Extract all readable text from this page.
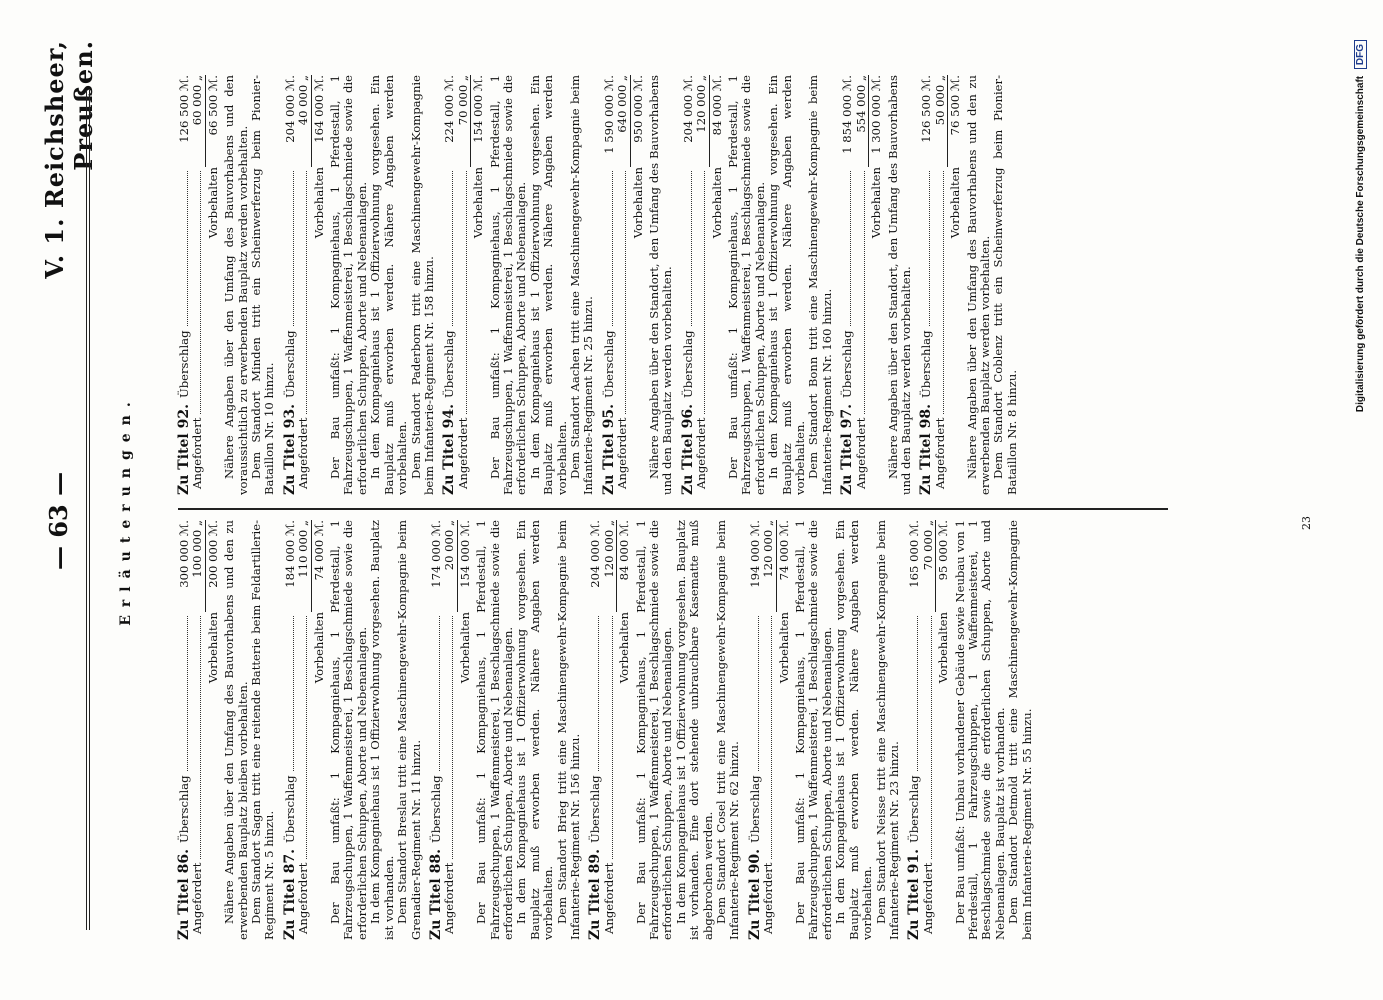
— 63 —
V. 1. Reichsheer, Preußen.
Erläuterungen.
Zu Titel 86.
Überschlag
300 000 ℳ.
Angefordert
100 000 „
Vorbehalten
200 000 ℳ. Nähere Angaben über den Umfang des Bauvorhabens und den zu erwerbenden Bauplatz bleiben vorbehalten. Dem Standort Sagan tritt eine reitende Batterie beim Feldartillerie-Regiment Nr. 5 hinzu. Zu Titel 87.
Überschlag
184 000 ℳ.
Angefordert
110 000 „
Vorbehalten
74 000 ℳ. Der Bau umfaßt: 1 Kompagniehaus, 1 Pferdestall, 1 Fahrzeugschuppen, 1 Waffenmeisterei, 1 Beschlagschmiede sowie die erforderlichen Schuppen, Aborte und Nebenanlagen. In dem Kompagniehaus ist 1 Offizierwohnung vorgesehen. Bauplatz ist vorhanden. Dem Standort Breslau tritt eine Maschinengewehr-Kompagnie beim Grenadier-Regiment Nr. 11 hinzu. Zu Titel 88.
Überschlag
174 000 ℳ.
Angefordert
20 000 „
Vorbehalten
154 000 ℳ. Der Bau umfaßt: 1 Kompagniehaus, 1 Pferdestall, 1 Fahrzeugschuppen, 1 Waffenmeisterei, 1 Beschlagschmiede sowie die erforderlichen Schuppen, Aborte und Nebenanlagen. In dem Kompagniehaus ist 1 Offizierwohnung vorgesehen. Ein Bauplatz muß erworben werden. Nähere Angaben werden vorbehalten. Dem Standort Brieg tritt eine Maschinengewehr-Kompagnie beim Infanterie-Regiment Nr. 156 hinzu. Zu Titel 89.
Überschlag
204 000 ℳ.
Angefordert
120 000 „
Vorbehalten
84 000 ℳ. Der Bau umfaßt: 1 Kompagniehaus, 1 Pferdestall, 1 Fahrzeugschuppen, 1 Waffenmeisterei, 1 Beschlagschmiede sowie die erforderlichen Schuppen, Aborte und Nebenanlagen. In dem Kompagniehaus ist 1 Offizierwohnung vorgesehen. Bauplatz ist vorhanden. Eine dort stehende unbrauchbare Kasematte muß abgebrochen werden. Dem Standort Cosel tritt eine Maschinengewehr-Kompagnie beim Infanterie-Regiment Nr. 62 hinzu. Zu Titel 90.
Überschlag
194 000 ℳ.
Angefordert
120 000 „
Vorbehalten
74 000 ℳ. Der Bau umfaßt: 1 Kompagniehaus, 1 Pferdestall, 1 Fahrzeugschuppen, 1 Waffenmeisterei, 1 Beschlagschmiede sowie die erforderlichen Schuppen, Aborte und Nebenanlagen. In dem Kompagniehaus ist 1 Offizierwohnung vorgesehen. Ein Bauplatz muß erworben werden. Nähere Angaben werden vorbehalten. Dem Standort Neisse tritt eine Maschinengewehr-Kompagnie beim Infanterie-Regiment Nr. 23 hinzu. Zu Titel 91.
Überschlag
165 000 ℳ.
Angefordert
70 000 „
Vorbehalten
95 000 ℳ. Der Bau umfaßt: Umbau vorhandener Gebäude sowie Neubau von 1 Pferdestall, 1 Fahrzeugschuppen, 1 Waffenmeisterei, 1 Beschlagschmiede sowie die erforderlichen Schuppen, Aborte und Nebenanlagen. Bauplatz ist vorhanden. Dem Standort Detmold tritt eine Maschinengewehr-Kompagnie beim Infanterie-Regiment Nr. 55 hinzu.

Zu Titel 92.
Überschlag
126 500 ℳ.
Angefordert
60 000 „
Vorbehalten
66 500 ℳ. Nähere Angaben über den Umfang des Bauvorhabens und den voraussichtlich zu erwerbenden Bauplatz werden vorbehalten. Dem Standort Minden tritt ein Scheinwerferzug beim Pionier-Bataillon Nr. 10 hinzu. Zu Titel 93.
Überschlag
204 000 ℳ.
Angefordert
40 000 „
Vorbehalten
164 000 ℳ. Der Bau umfaßt: 1 Kompagniehaus, 1 Pferdestall, 1 Fahrzeugschuppen, 1 Waffenmeisterei, 1 Beschlagschmiede sowie die erforderlichen Schuppen, Aborte und Nebenanlagen. In dem Kompagniehaus ist 1 Offizierwohnung vorgesehen. Ein Bauplatz muß erworben werden. Nähere Angaben werden vorbehalten. Dem Standort Paderborn tritt eine Maschinengewehr-Kompagnie beim Infanterie-Regiment Nr. 158 hinzu. Zu Titel 94.
Überschlag
224 000 ℳ.
Angefordert
70 000 „
Vorbehalten
154 000 ℳ. Der Bau umfaßt: 1 Kompagniehaus, 1 Pferdestall, 1 Fahrzeugschuppen, 1 Waffenmeisterei, 1 Beschlagschmiede sowie die erforderlichen Schuppen, Aborte und Nebenanlagen. In dem Kompagniehaus ist 1 Offizierwohnung vorgesehen. Ein Bauplatz muß erworben werden. Nähere Angaben werden vorbehalten. Dem Standort Aachen tritt eine Maschinengewehr-Kompagnie beim Infanterie-Regiment Nr. 25 hinzu. Zu Titel 95.
Überschlag
1 590 000 ℳ.
Angefordert
640 000 „
Vorbehalten
950 000 ℳ. Nähere Angaben über den Standort, den Umfang des Bauvorhabens und den Bauplatz werden vorbehalten. Zu Titel 96.
Überschlag
204 000 ℳ.
Angefordert
120 000 „
Vorbehalten
84 000 ℳ. Der Bau umfaßt: 1 Kompagniehaus, 1 Pferdestall, 1 Fahrzeugschuppen, 1 Waffenmeisterei, 1 Beschlagschmiede sowie die erforderlichen Schuppen, Aborte und Nebenanlagen. In dem Kompagniehaus ist 1 Offizierwohnung vorgesehen. Ein Bauplatz muß erworben werden. Nähere Angaben werden vorbehalten. Dem Standort Bonn tritt eine Maschinengewehr-Kompagnie beim Infanterie-Regiment Nr. 160 hinzu. Zu Titel 97.
Überschlag
1 854 000 ℳ.
Angefordert
554 000 „
Vorbehalten
1 300 000 ℳ. Nähere Angaben über den Standort, den Umfang des Bauvorhabens und den Bauplatz werden vorbehalten. Zu Titel 98.
Überschlag
126 500 ℳ.
Angefordert
50 000 „
Vorbehalten
76 500 ℳ. Nähere Angaben über den Umfang des Bauvorhabens und den zu erwerbenden Bauplatz werden vorbehalten. Dem Standort Coblenz tritt ein Scheinwerferzug beim Pionier-Bataillon Nr. 8 hinzu.

23
Digitalisierung gefördert durch die Deutsche Forschungsgemeinschaft DFG
